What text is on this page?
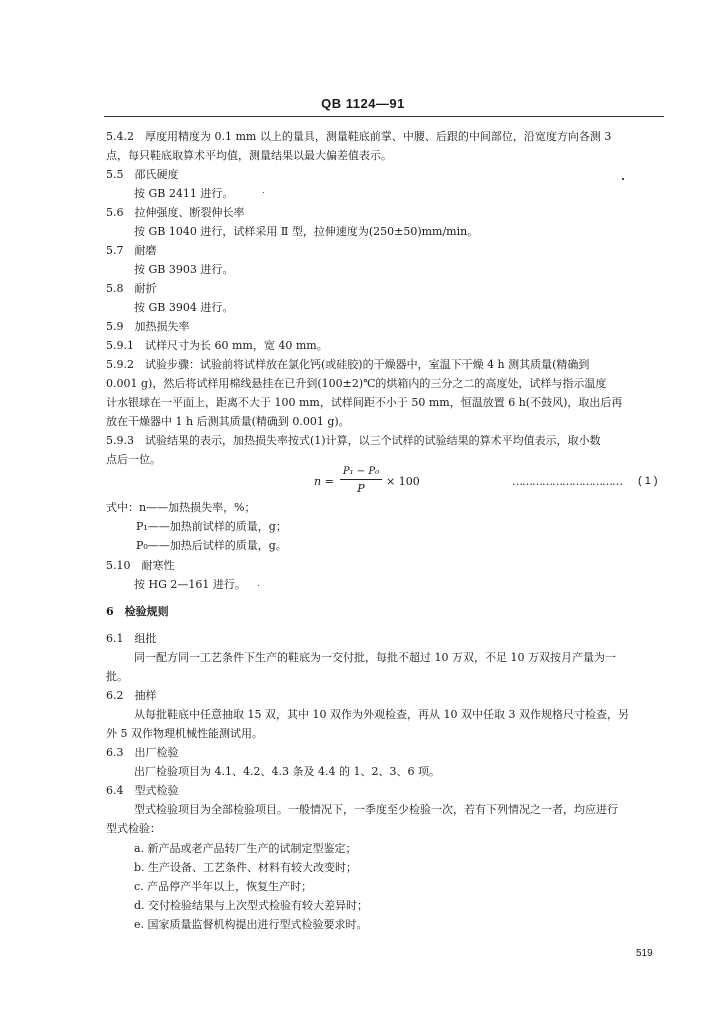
QB 1124—91
5.4.2　厚度用精度为 0.1 mm 以上的量具，测量鞋底前掌、中腰、后跟的中间部位，沿宽度方向各测 3
点，每只鞋底取算术平均值，测量结果以最大偏差值表示。
5.5　邵氏硬度
按 GB 2411 进行。
5.6　拉伸强度、断裂伸长率
按 GB 1040 进行，试样采用 Ⅱ 型，拉伸速度为(250±50)mm/min。
5.7　耐磨
按 GB 3903 进行。
5.8　耐折
按 GB 3904 进行。
5.9　加热损失率
5.9.1　试样尺寸为长 60 mm，宽 40 mm。
5.9.2　试验步骤：试验前将试样放在氯化钙(或硅胶)的干燥器中，室温下干燥 4 h 测其质量(精确到
0.001 g)，然后将试样用棉线悬挂在已升到(100±2)℃的烘箱内的三分之二的高度处，试样与指示温度
计水银球在一平面上，距离不大于 100 mm，试样间距不小于 50 mm，恒温放置 6 h(不鼓风)，取出后再
放在干燥器中 1 h 后测其质量(精确到 0.001 g)。
5.9.3　试验结果的表示，加热损失率按式(1)计算，以三个试样的试验结果的算术平均值表示，取小数
点后一位。
n =
P₁ − P₀
P
× 100	…………………………… ( 1 )
式中：n——加热损失率，%；
P₁——加热前试样的质量，g；
P₀——加热后试样的质量，g。
5.10　耐寒性
按 HG 2—161 进行。
6　检验规则
6.1　组批
同一配方同一工艺条件下生产的鞋底为一交付批，每批不超过 10 万双，不足 10 万双按月产量为一
批。
6.2　抽样
从每批鞋底中任意抽取 15 双，其中 10 双作为外观检查，再从 10 双中任取 3 双作规格尺寸检查，另
外 5 双作物理机械性能测试用。
6.3　出厂检验
出厂检验项目为 4.1、4.2、4.3 条及 4.4 的 1、2、3、6 项。
6.4　型式检验
型式检验项目为全部检验项目。一般情况下，一季度至少检验一次，若有下列情况之一者，均应进行
型式检验：
a. 新产品或老产品转厂生产的试制定型鉴定；
b. 生产设备、工艺条件、材料有较大改变时；
c. 产品停产半年以上，恢复生产时；
d. 交付检验结果与上次型式检验有较大差异时；
e. 国家质量监督机构提出进行型式检验要求时。
519
